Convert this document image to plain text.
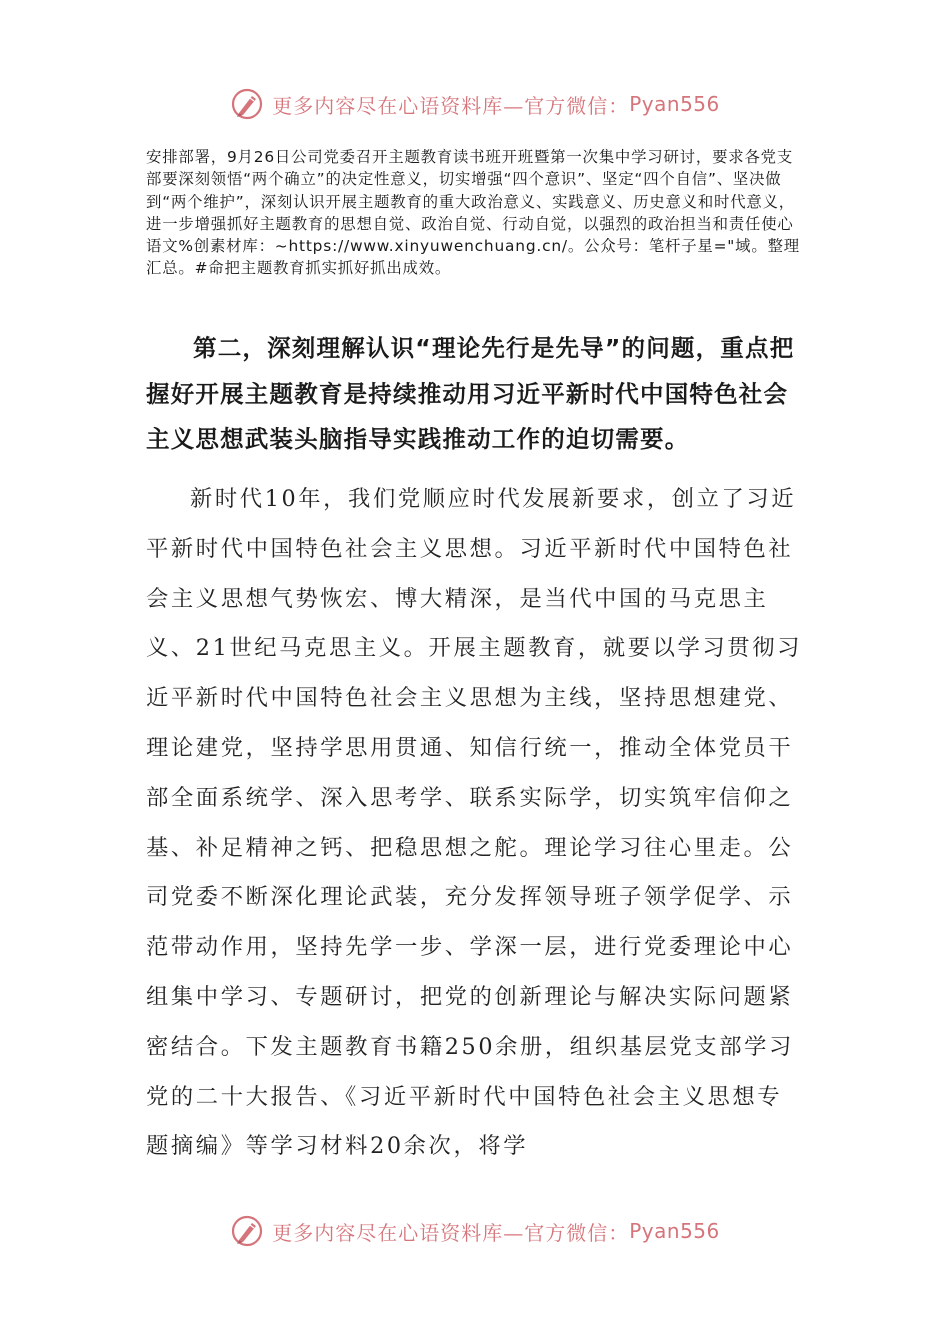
更多内容尽在心语资料库—官方微信： Pyan556

安排部署，9月26日公司党委召开主题教育读书班开班暨第一次集中学习研讨，要求各党支部要深刻领悟“两个确立”的决定性意义，切实增强“四个意识”、坚定“四个自信”、坚决做到“两个维护”，深刻认识开展主题教育的重大政治意义、实践意义、历史意义和时代意义，进一步增强抓好主题教育的思想自觉、政治自觉、行动自觉，以强烈的政治担当和责任使心语文%创素材库：~https://www.xinyuwenchuang.cn/。公众号：笔杆子星="域。整理汇总。#命把主题教育抓实抓好抓出成效。

第二，深刻理解认识“理论先行是先导”的问题，重点把握好开展主题教育是持续推动用习近平新时代中国特色社会主义思想武装头脑指导实践推动工作的迫切需要。

新时代10年，我们党顺应时代发展新要求，创立了习近平新时代中国特色社会主义思想。习近平新时代中国特色社会主义思想气势恢宏、博大精深，是当代中国的马克思主义、21世纪马克思主义。开展主题教育，就要以学习贯彻习近平新时代中国特色社会主义思想为主线，坚持思想建党、理论建党，坚持学思用贯通、知信行统一，推动全体党员干部全面系统学、深入思考学、联系实际学，切实筑牢信仰之基、补足精神之钙、把稳思想之舵。理论学习往心里走。公司党委不断深化理论武装，充分发挥领导班子领学促学、示范带动作用，坚持先学一步、学深一层，进行党委理论中心组集中学习、专题研讨，把党的创新理论与解决实际问题紧密结合。下发主题教育书籍250余册，组织基层党支部学习党的二十大报告、《习近平新时代中国特色社会主义思想专题摘编》等学习材料20余次，将学

更多内容尽在心语资料库—官方微信： Pyan556
